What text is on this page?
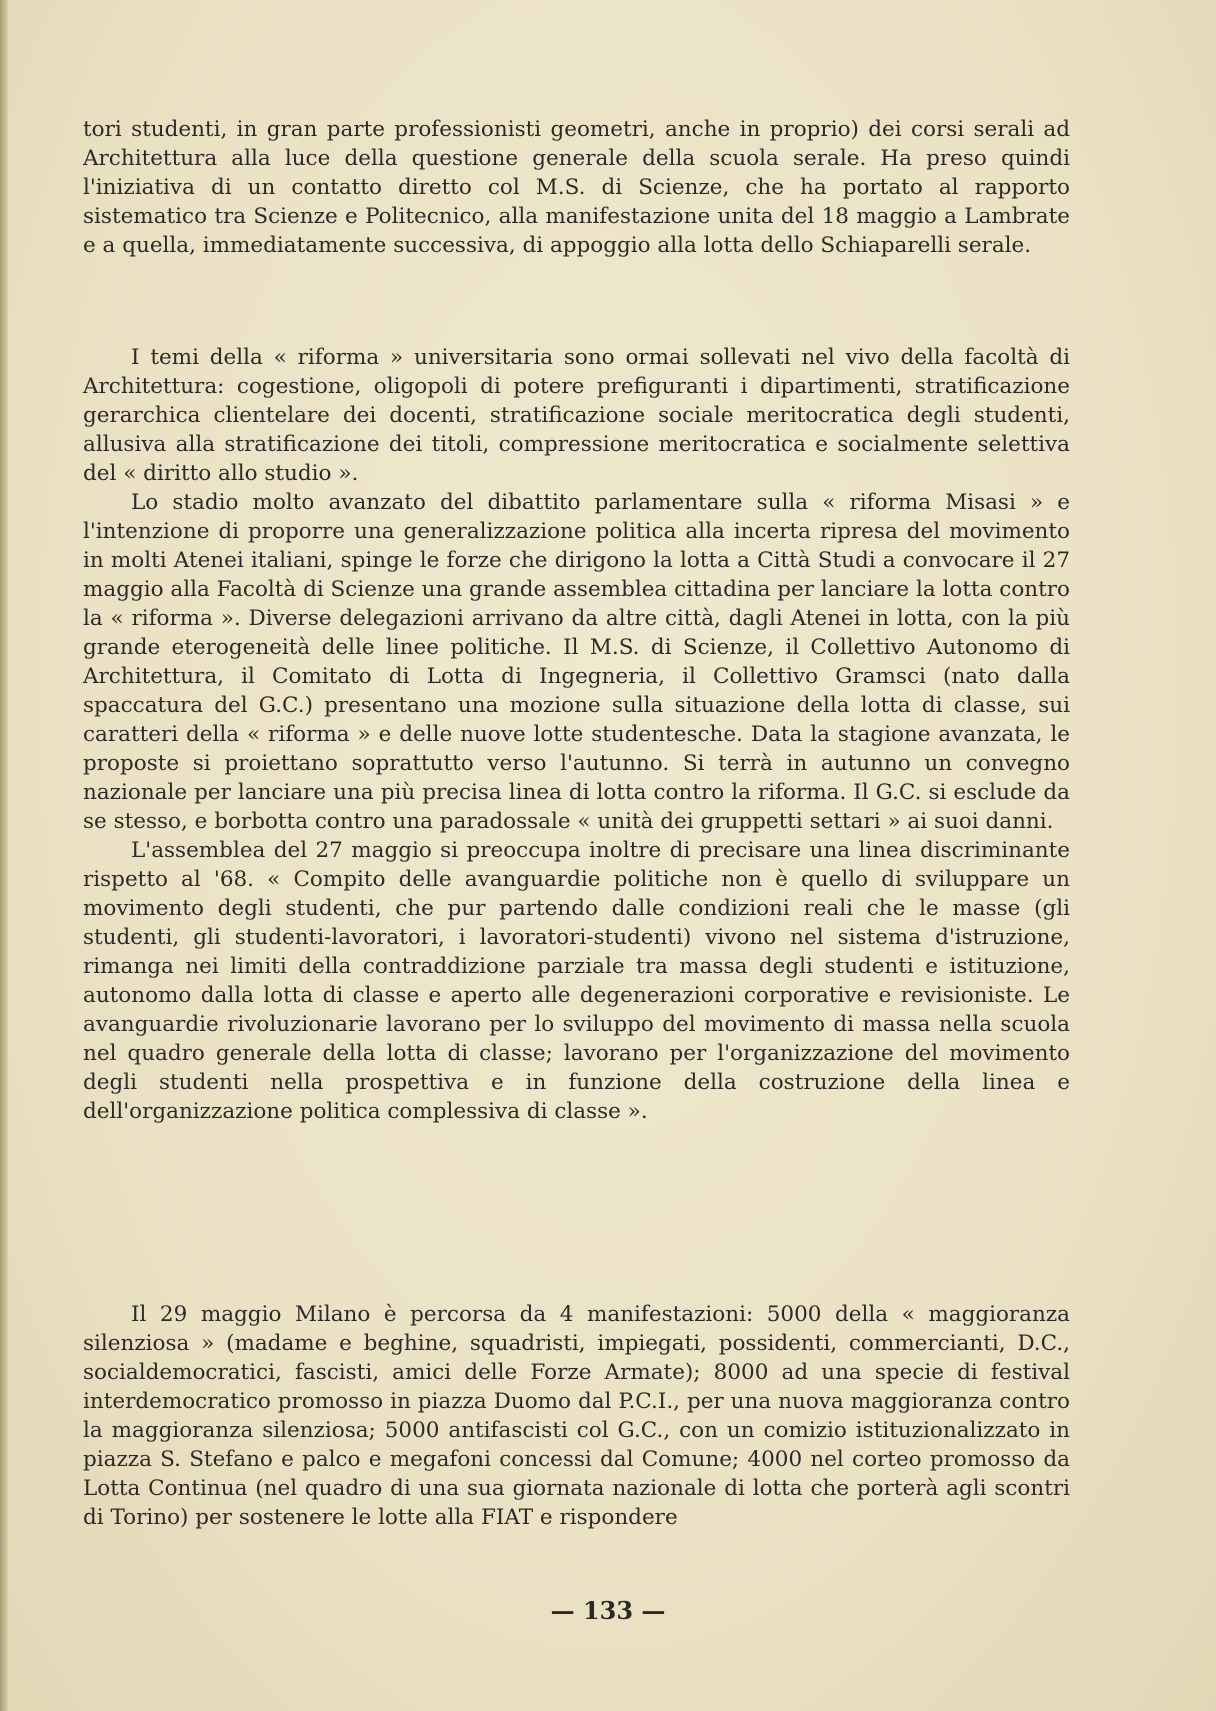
tori studenti, in gran parte professionisti geometri, anche in proprio) dei corsi serali ad Architettura alla luce della questione generale della scuola serale. Ha preso quindi l'iniziativa di un contatto diretto col M.S. di Scienze, che ha portato al rapporto sistematico tra Scienze e Politecnico, alla manifestazione unita del 18 maggio a Lambrate e a quella, immediatamente successiva, di appoggio alla lotta dello Schiaparelli serale.

I temi della « riforma » universitaria sono ormai sollevati nel vivo della facoltà di Architettura: cogestione, oligopoli di potere prefiguranti i dipartimenti, stratificazione gerarchica clientelare dei docenti, stratificazione sociale meritocratica degli studenti, allusiva alla stratificazione dei titoli, compressione meritocratica e socialmente selettiva del « diritto allo studio ».

Lo stadio molto avanzato del dibattito parlamentare sulla « riforma Misasi » e l'intenzione di proporre una generalizzazione politica alla incerta ripresa del movimento in molti Atenei italiani, spinge le forze che dirigono la lotta a Città Studi a convocare il 27 maggio alla Facoltà di Scienze una grande assemblea cittadina per lanciare la lotta contro la « riforma ». Diverse delegazioni arrivano da altre città, dagli Atenei in lotta, con la più grande eterogeneità delle linee politiche. Il M.S. di Scienze, il Collettivo Autonomo di Architettura, il Comitato di Lotta di Ingegneria, il Collettivo Gramsci (nato dalla spaccatura del G.C.) presentano una mozione sulla situazione della lotta di classe, sui caratteri della « riforma » e delle nuove lotte studentesche. Data la stagione avanzata, le proposte si proiettano soprattutto verso l'autunno. Si terrà in autunno un convegno nazionale per lanciare una più precisa linea di lotta contro la riforma. Il G.C. si esclude da se stesso, e borbotta contro una paradossale « unità dei gruppetti settari » ai suoi danni.

L'assemblea del 27 maggio si preoccupa inoltre di precisare una linea discriminante rispetto al '68. « Compito delle avanguardie politiche non è quello di sviluppare un movimento degli studenti, che pur partendo dalle condizioni reali che le masse (gli studenti, gli studenti-lavoratori, i lavoratori-studenti) vivono nel sistema d'istruzione, rimanga nei limiti della contraddizione parziale tra massa degli studenti e istituzione, autonomo dalla lotta di classe e aperto alle degenerazioni corporative e revisioniste. Le avanguardie rivoluzionarie lavorano per lo sviluppo del movimento di massa nella scuola nel quadro generale della lotta di classe; lavorano per l'organizzazione del movimento degli studenti nella prospettiva e in funzione della costruzione della linea e dell'organizzazione politica complessiva di classe ».

Il 29 maggio Milano è percorsa da 4 manifestazioni: 5000 della « maggioranza silenziosa » (madame e beghine, squadristi, impiegati, possidenti, commercianti, D.C., socialdemocratici, fascisti, amici delle Forze Armate); 8000 ad una specie di festival interdemocratico promosso in piazza Duomo dal P.C.I., per una nuova maggioranza contro la maggioranza silenziosa; 5000 antifascisti col G.C., con un comizio istituzionalizzato in piazza S. Stefano e palco e megafoni concessi dal Comune; 4000 nel corteo promosso da Lotta Continua (nel quadro di una sua giornata nazionale di lotta che porterà agli scontri di Torino) per sostenere le lotte alla FIAT e rispondere

— 133 —
